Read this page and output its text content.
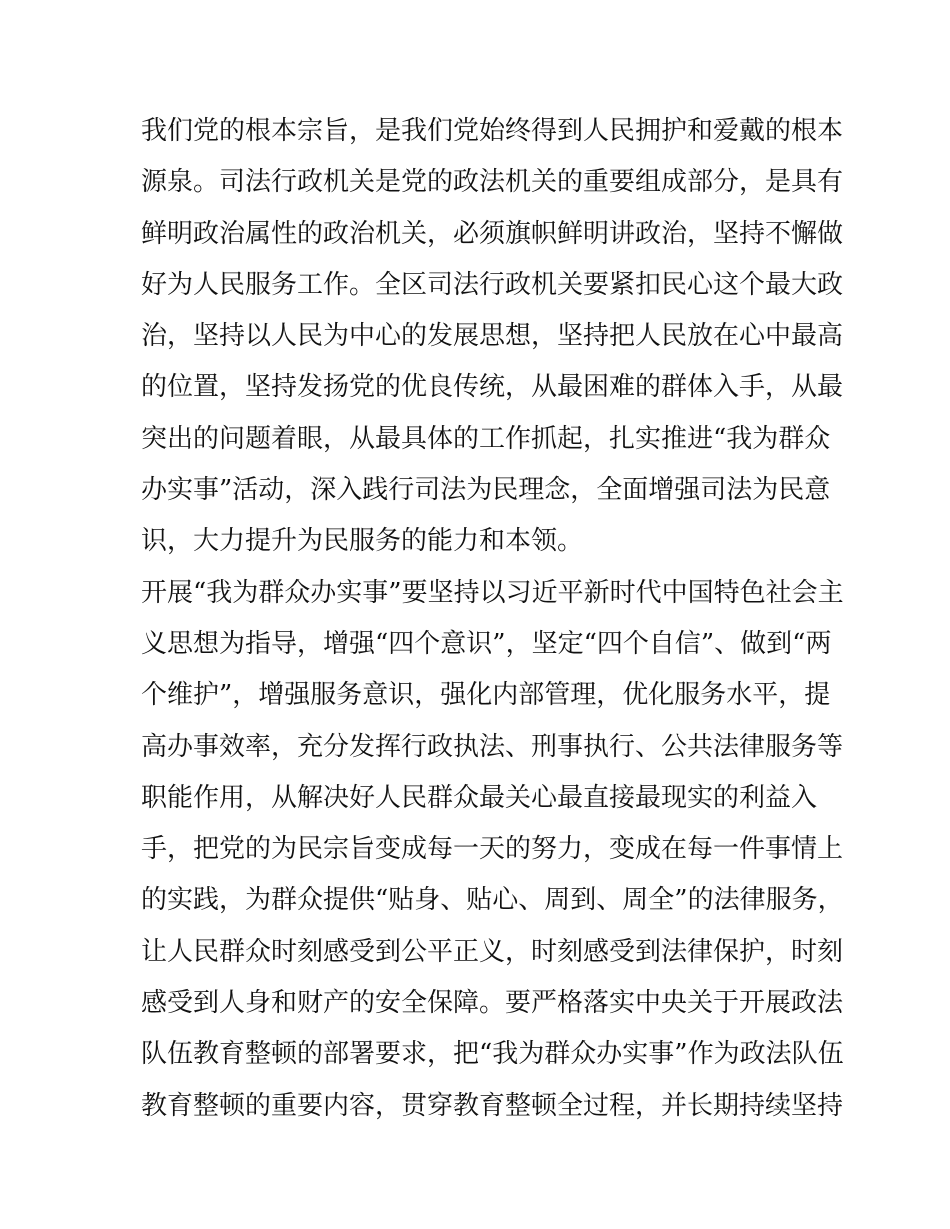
我们党的根本宗旨，是我们党始终得到人民拥护和爱戴的根本
源泉。司法行政机关是党的政法机关的重要组成部分，是具有
鲜明政治属性的政治机关，必须旗帜鲜明讲政治，坚持不懈做
好为人民服务工作。全区司法行政机关要紧扣民心这个最大政
治，坚持以人民为中心的发展思想，坚持把人民放在心中最高
的位置，坚持发扬党的优良传统，从最困难的群体入手，从最
突出的问题着眼，从最具体的工作抓起，扎实推进“我为群众
办实事”活动，深入践行司法为民理念，全面增强司法为民意
识，大力提升为民服务的能力和本领。
开展“我为群众办实事”要坚持以习近平新时代中国特色社会主
义思想为指导，增强“四个意识”，坚定“四个自信”、做到“两
个维护”，增强服务意识，强化内部管理，优化服务水平，提
高办事效率，充分发挥行政执法、刑事执行、公共法律服务等
职能作用，从解决好人民群众最关心最直接最现实的利益入
手，把党的为民宗旨变成每一天的努力，变成在每一件事情上
的实践，为群众提供“贴身、贴心、周到、周全”的法律服务，
让人民群众时刻感受到公平正义，时刻感受到法律保护，时刻
感受到人身和财产的安全保障。要严格落实中央关于开展政法
队伍教育整顿的部署要求，把“我为群众办实事”作为政法队伍
教育整顿的重要内容，贯穿教育整顿全过程，并长期持续坚持
